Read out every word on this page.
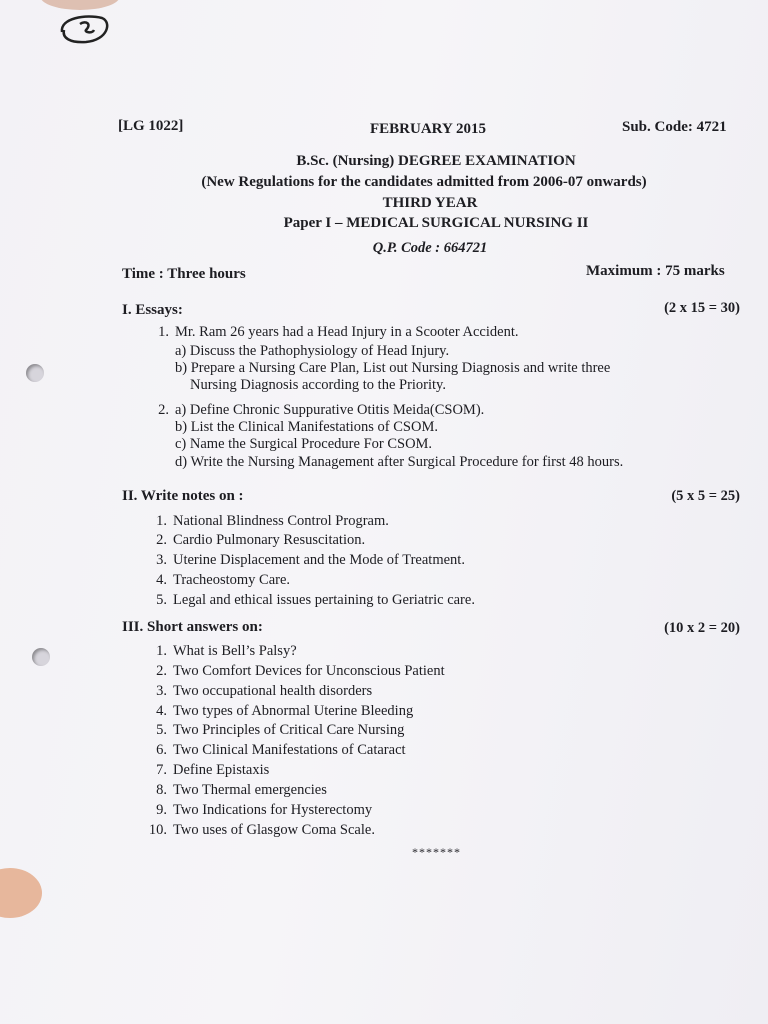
[LG 1022]	FEBRUARY 2015	Sub. Code: 4721
B.Sc. (Nursing) DEGREE EXAMINATION
(New Regulations for the candidates admitted from 2006-07 onwards)
THIRD YEAR
Paper I – MEDICAL SURGICAL NURSING II
Q.P. Code : 664721
Time : Three hours	Maximum : 75 marks
I. Essays:	(2 x 15 = 30)
1. Mr. Ram 26 years had a Head Injury in a Scooter Accident.
a) Discuss the Pathophysiology of Head Injury.
b) Prepare a Nursing Care Plan, List out Nursing Diagnosis and write three
Nursing Diagnosis according to the Priority.
2. a) Define Chronic Suppurative Otitis Meida(CSOM).
b) List the Clinical Manifestations of CSOM.
c) Name the Surgical Procedure For CSOM.
d) Write the Nursing Management after Surgical Procedure for first 48 hours.
II. Write notes on :	(5 x 5 = 25)
1. National Blindness Control Program.
2. Cardio Pulmonary Resuscitation.
3. Uterine Displacement and the Mode of Treatment.
4. Tracheostomy Care.
5. Legal and ethical issues pertaining to Geriatric care.
III. Short answers on:	(10 x 2 = 20)
1. What is Bell’s Palsy?
2. Two Comfort Devices for Unconscious Patient
3. Two occupational health disorders
4. Two types of Abnormal Uterine Bleeding
5. Two Principles of Critical Care Nursing
6. Two Clinical Manifestations of Cataract
7. Define Epistaxis
8. Two Thermal emergencies
9. Two Indications for Hysterectomy
10. Two uses of Glasgow Coma Scale.
*******
